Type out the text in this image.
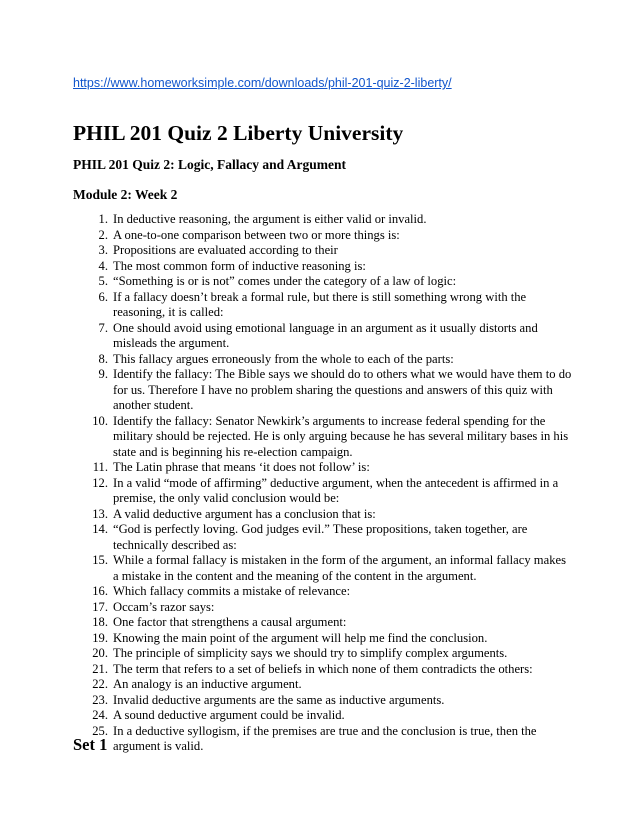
https://www.homeworksimple.com/downloads/phil-201-quiz-2-liberty/
PHIL 201 Quiz 2 Liberty University

PHIL 201 Quiz 2: Logic, Fallacy and Argument

Module 2: Week 2

1. In deductive reasoning, the argument is either valid or invalid.
2. A one-to-one comparison between two or more things is:
3. Propositions are evaluated according to their
4. The most common form of inductive reasoning is:
5. “Something is or is not” comes under the category of a law of logic:
6. If a fallacy doesn’t break a formal rule, but there is still something wrong with the reasoning, it is called:
7. One should avoid using emotional language in an argument as it usually distorts and misleads the argument.
8. This fallacy argues erroneously from the whole to each of the parts:
9. Identify the fallacy: The Bible says we should do to others what we would have them to do for us. Therefore I have no problem sharing the questions and answers of this quiz with another student.
10. Identify the fallacy: Senator Newkirk’s arguments to increase federal spending for the military should be rejected. He is only arguing because he has several military bases in his state and is beginning his re-election campaign.
11. The Latin phrase that means ‘it does not follow’ is:
12. In a valid “mode of affirming” deductive argument, when the antecedent is affirmed in a premise, the only valid conclusion would be:
13. A valid deductive argument has a conclusion that is:
14. “God is perfectly loving. God judges evil.” These propositions, taken together, are technically described as:
15. While a formal fallacy is mistaken in the form of the argument, an informal fallacy makes a mistake in the content and the meaning of the content in the argument.
16. Which fallacy commits a mistake of relevance:
17. Occam’s razor says:
18. One factor that strengthens a causal argument:
19. Knowing the main point of the argument will help me find the conclusion.
20. The principle of simplicity says we should try to simplify complex arguments.
21. The term that refers to a set of beliefs in which none of them contradicts the others:
22. An analogy is an inductive argument.
23. Invalid deductive arguments are the same as inductive arguments.
24. A sound deductive argument could be invalid.
25. In a deductive syllogism, if the premises are true and the conclusion is true, then the argument is valid.
Set 1
